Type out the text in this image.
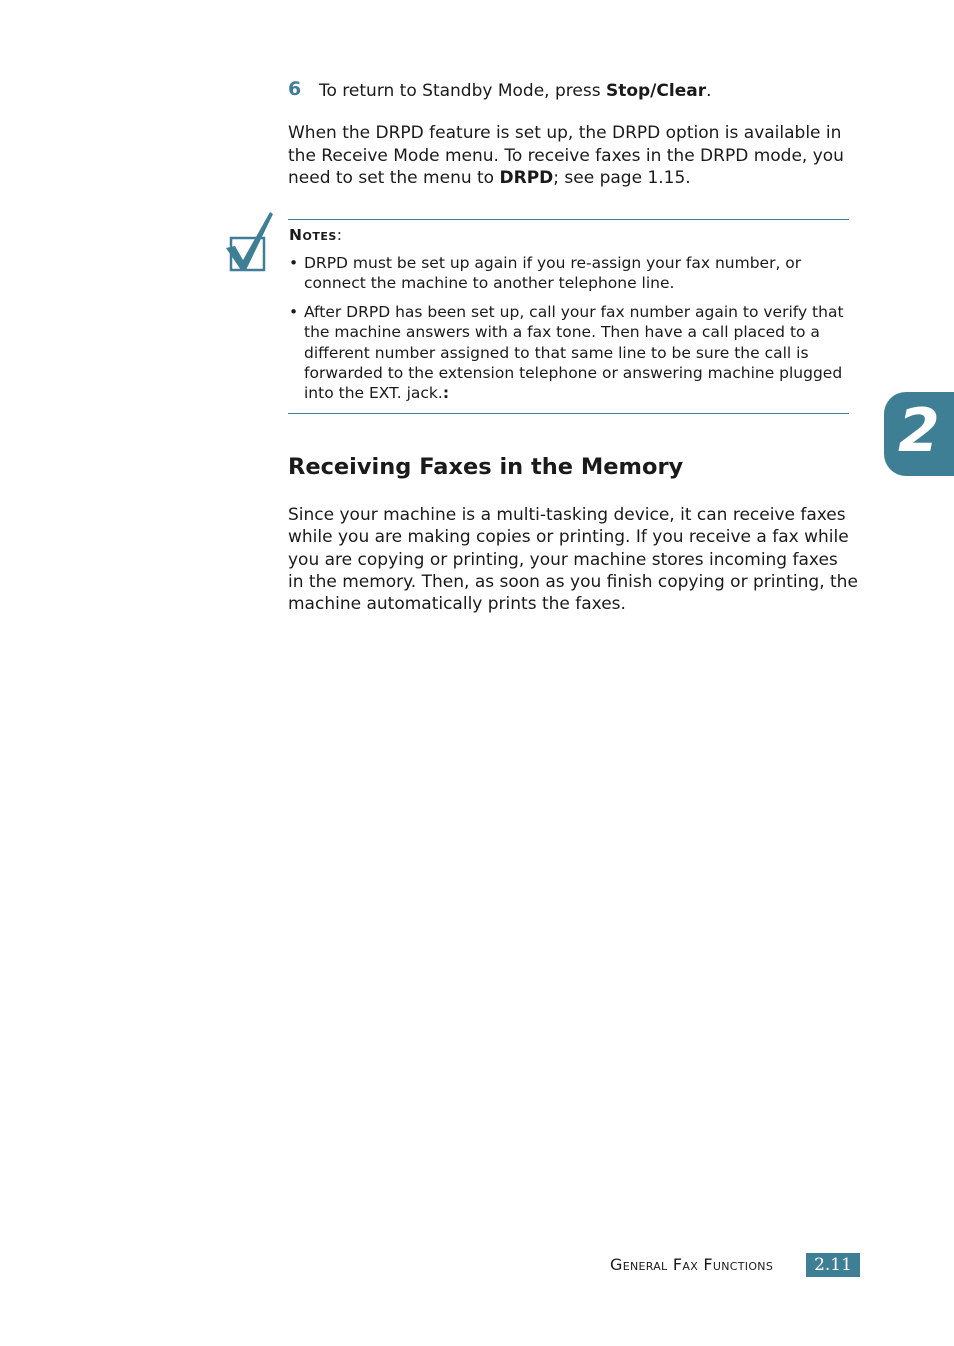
6 To return to Standby Mode, press Stop/Clear.
When the DRPD feature is set up, the DRPD option is available in the Receive Mode menu. To receive faxes in the DRPD mode, you need to set the menu to DRPD; see page 1.15.
Notes:
• DRPD must be set up again if you re-assign your fax number, or connect the machine to another telephone line.
• After DRPD has been set up, call your fax number again to verify that the machine answers with a fax tone. Then have a call placed to a different number assigned to that same line to be sure the call is forwarded to the extension telephone or answering machine plugged into the EXT. jack.:
Receiving Faxes in the Memory
Since your machine is a multi-tasking device, it can receive faxes while you are making copies or printing. If you receive a fax while you are copying or printing, your machine stores incoming faxes in the memory. Then, as soon as you finish copying or printing, the machine automatically prints the faxes.
2
General Fax Functions	2.11
